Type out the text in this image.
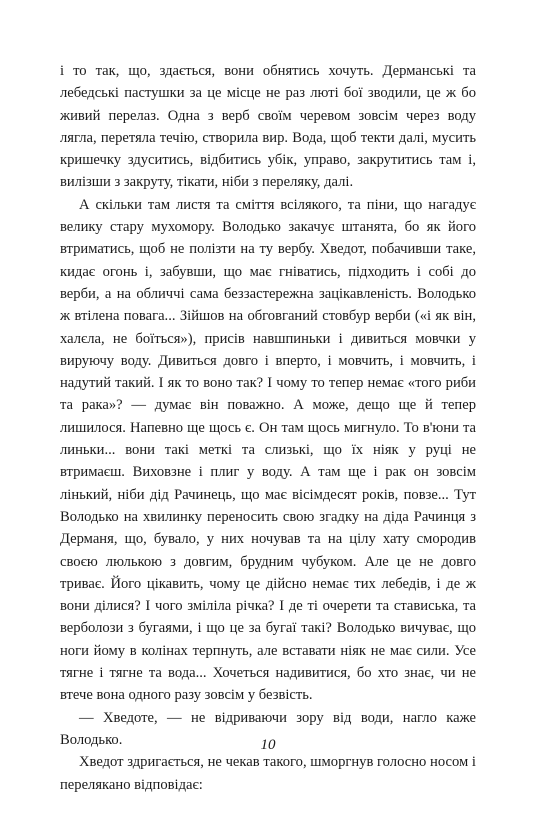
і то так, що, здається, вони обнятись хочуть. Дерманські та лебедські пастушки за це місце не раз люті бої зводили, це ж бо живий перелаз. Одна з верб своїм черевом зовсім через воду лягла, перетяла течію, створила вир. Вода, щоб текти далі, мусить кришечку здуситись, відбитись убік, управо, закрутитись там і, вилізши з закруту, тікати, ніби з переляку, далі.

А скільки там листя та сміття всілякого, та піни, що нагадує велику стару мухомору. Володько закачує штанята, бо як його втриматись, щоб не полізти на ту вербу. Хведот, побачивши таке, кидає огонь і, забувши, що має гніватись, підходить і собі до верби, а на обличчі сама беззастережна зацікавленість. Володько ж втілена повага... Зійшов на обговганий стовбур верби («і як він, халєла, не боїться»), присів навшпиньки і дивиться мовчки у вируючу воду. Дивиться довго і вперто, і мовчить, і мовчить, і надутий такий. І як то воно так? І чому то тепер немає «того риби та рака»? — думає він поважно. А може, дещо ще й тепер лишилося. Напевно ще щось є. Он там щось мигнуло. То в'юни та линьки... вони такі меткі та слизькі, що їх ніяк у руці не втримаєш. Виховзне і плиг у воду. А там ще і рак он зовсім лінький, ніби дід Рачинець, що має вісімдесят років, повзе... Тут Володько на хвилинку переносить свою згадку на діда Рачинця з Дерманя, що, бувало, у них ночував та на цілу хату смородив своєю люлькою з довгим, брудним чубуком. Але це не довго триває. Його цікавить, чому це дійсно немає тих лебедів, і де ж вони ділися? І чого зміліла річка? І де ті очерети та стависька, та верболози з бугаями, і що це за бугаї такі? Володько вичуває, що ноги йому в колінах терпнуть, але вставати ніяк не має сили. Усе тягне і тягне та вода... Хочеться надивитися, бо хто знає, чи не втече вона одного разу зовсім у безвість.

— Хведоте, — не відриваючи зору від води, нагло каже Володько.

Хведот здригається, не чекав такого, шморгнув голосно носом і перелякано відповідає:

10
